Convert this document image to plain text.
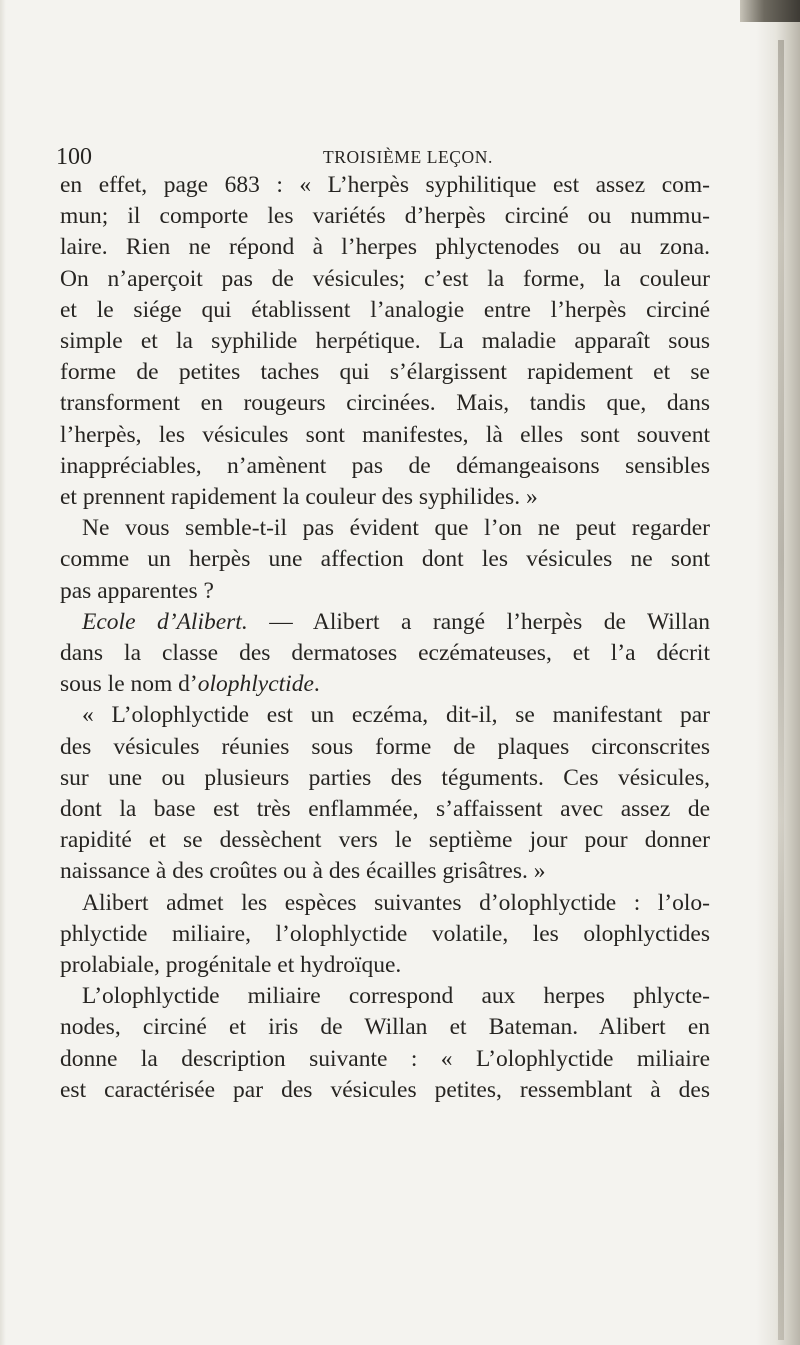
100	TROISIÈME LEÇON.

en effet, page 683 : « L’herpès syphilitique est assez com-

mun; il comporte les variétés d’herpès circiné ou nummu-

laire. Rien ne répond à l’herpes phlyctenodes ou au zona.

On n’aperçoit pas de vésicules; c’est la forme, la couleur

et le siége qui établissent l’analogie entre l’herpès circiné

simple et la syphilide herpétique. La maladie apparaît sous

forme de petites taches qui s’élargissent rapidement et se

transforment en rougeurs circinées. Mais, tandis que, dans

l’herpès, les vésicules sont manifestes, là elles sont souvent

inappréciables, n’amènent pas de démangeaisons sensibles

et prennent rapidement la couleur des syphilides. »

Ne vous semble-t-il pas évident que l’on ne peut regarder

comme un herpès une affection dont les vésicules ne sont

pas apparentes ?

Ecole d’Alibert. — Alibert a rangé l’herpès de Willan

dans la classe des dermatoses eczémateuses, et l’a décrit

sous le nom d’olophlyctide.

« L’olophlyctide est un eczéma, dit-il, se manifestant par

des vésicules réunies sous forme de plaques circonscrites

sur une ou plusieurs parties des téguments. Ces vésicules,

dont la base est très enflammée, s’affaissent avec assez de

rapidité et se dessèchent vers le septième jour pour donner

naissance à des croûtes ou à des écailles grisâtres. »

Alibert admet les espèces suivantes d’olophlyctide : l’olo-

phlyctide miliaire, l’olophlyctide volatile, les olophlyctides

prolabiale, progénitale et hydroïque.

L’olophlyctide miliaire correspond aux herpes phlycte-

nodes, circiné et iris de Willan et Bateman. Alibert en

donne la description suivante : « L’olophlyctide miliaire

est caractérisée par des vésicules petites, ressemblant à des
